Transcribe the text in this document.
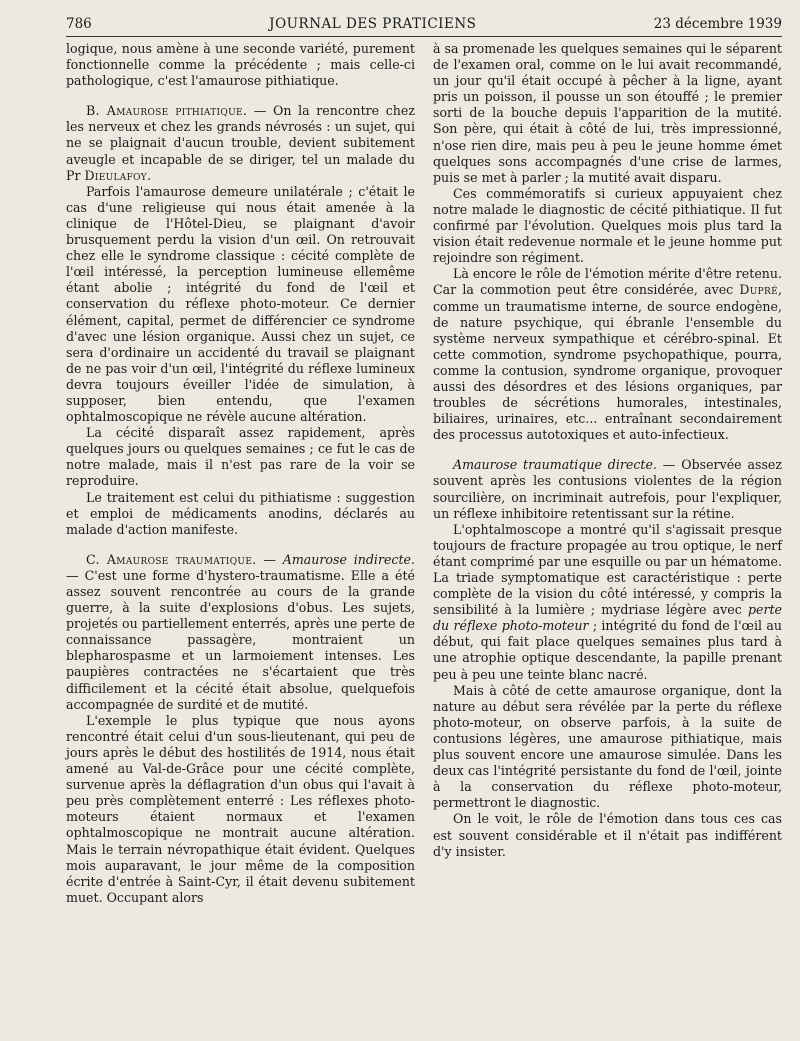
786	JOURNAL DES PRATICIENS	23 décembre 1939

logique, nous amène à une seconde variété, purement fonctionnelle comme la précédente ; mais celle-ci pathologique, c'est l'amaurose pithiatique.

B. Amaurose pithiatique. — On la rencontre chez les nerveux et chez les grands névrosés : un sujet, qui ne se plaignait d'aucun trouble, devient subitement aveugle et incapable de se diriger, tel un malade du Pr Dieulafoy.

Parfois l'amaurose demeure unilatérale ; c'était le cas d'une religieuse qui nous était amenée à la clinique de l'Hôtel-Dieu, se plaignant d'avoir brusquement perdu la vision d'un œil. On retrouvait chez elle le syndrome classique : cécité complète de l'œil intéressé, la perception lumineuse ellemême étant abolie ; intégrité du fond de l'œil et conservation du réflexe photo-moteur. Ce dernier élément, capital, permet de différencier ce syndrome d'avec une lésion organique. Aussi chez un sujet, ce sera d'ordinaire un accidenté du travail se plaignant de ne pas voir d'un œil, l'intégrité du réflexe lumineux devra toujours éveiller l'idée de simulation, à supposer, bien entendu, que l'examen ophtalmoscopique ne révèle aucune altération.

La cécité disparaît assez rapidement, après quelques jours ou quelques semaines ; ce fut le cas de notre malade, mais il n'est pas rare de la voir se reproduire.

Le traitement est celui du pithiatisme : suggestion et emploi de médicaments anodins, déclarés au malade d'action manifeste.

C. Amaurose traumatique. — Amaurose indirecte. — C'est une forme d'hystero-traumatisme. Elle a été assez souvent rencontrée au cours de la grande guerre, à la suite d'explosions d'obus. Les sujets, projetés ou partiellement enterrés, après une perte de connaissance passagère, montraient un blepharospasme et un larmoiement intenses. Les paupières contractées ne s'écartaient que très difficilement et la cécité était absolue, quelquefois accompagnée de surdité et de mutité.

L'exemple le plus typique que nous ayons rencontré était celui d'un sous-lieutenant, qui peu de jours après le début des hostilités de 1914, nous était amené au Val-de-Grâce pour une cécité complète, survenue après la déflagration d'un obus qui l'avait à peu près complètement enterré : Les réflexes photo-moteurs étaient normaux et l'examen ophtalmoscopique ne montrait aucune altération. Mais le terrain névropathique était évident. Quelques mois auparavant, le jour même de la composition écrite d'entrée à Saint-Cyr, il était devenu subitement muet. Occupant alors

à sa promenade les quelques semaines qui le séparent de l'examen oral, comme on le lui avait recommandé, un jour qu'il était occupé à pêcher à la ligne, ayant pris un poisson, il pousse un son étouffé ; le premier sorti de la bouche depuis l'apparition de la mutité. Son père, qui était à côté de lui, très impressionné, n'ose rien dire, mais peu à peu le jeune homme émet quelques sons accompagnés d'une crise de larmes, puis se met à parler ; la mutité avait disparu.

Ces commémoratifs si curieux appuyaient chez notre malade le diagnostic de cécité pithiatique. Il fut confirmé par l'évolution. Quelques mois plus tard la vision était redevenue normale et le jeune homme put rejoindre son régiment.

Là encore le rôle de l'émotion mérite d'être retenu. Car la commotion peut être considérée, avec Dupré, comme un traumatisme interne, de source endogène, de nature psychique, qui ébranle l'ensemble du système nerveux sympathique et cérébro-spinal. Et cette commotion, syndrome psychopathique, pourra, comme la contusion, syndrome organique, provoquer aussi des désordres et des lésions organiques, par troubles de sécrétions humorales, intestinales, biliaires, urinaires, etc... entraînant secondairement des processus autotoxiques et auto-infectieux.

Amaurose traumatique directe. — Observée assez souvent après les contusions violentes de la région sourcilière, on incriminait autrefois, pour l'expliquer, un réflexe inhibitoire retentissant sur la rétine.

L'ophtalmoscope a montré qu'il s'agissait presque toujours de fracture propagée au trou optique, le nerf étant comprimé par une esquille ou par un hématome. La triade symptomatique est caractéristique : perte complète de la vision du côté intéressé, y compris la sensibilité à la lumière ; mydriase légère avec perte du réflexe photo-moteur ; intégrité du fond de l'œil au début, qui fait place quelques semaines plus tard à une atrophie optique descendante, la papille prenant peu à peu une teinte blanc nacré.

Mais à côté de cette amaurose organique, dont la nature au début sera révélée par la perte du réflexe photo-moteur, on observe parfois, à la suite de contusions légères, une amaurose pithiatique, mais plus souvent encore une amaurose simulée. Dans les deux cas l'intégrité persistante du fond de l'œil, jointe à la conservation du réflexe photo-moteur, permettront le diagnostic.

On le voit, le rôle de l'émotion dans tous ces cas est souvent considérable et il n'était pas indifférent d'y insister.
